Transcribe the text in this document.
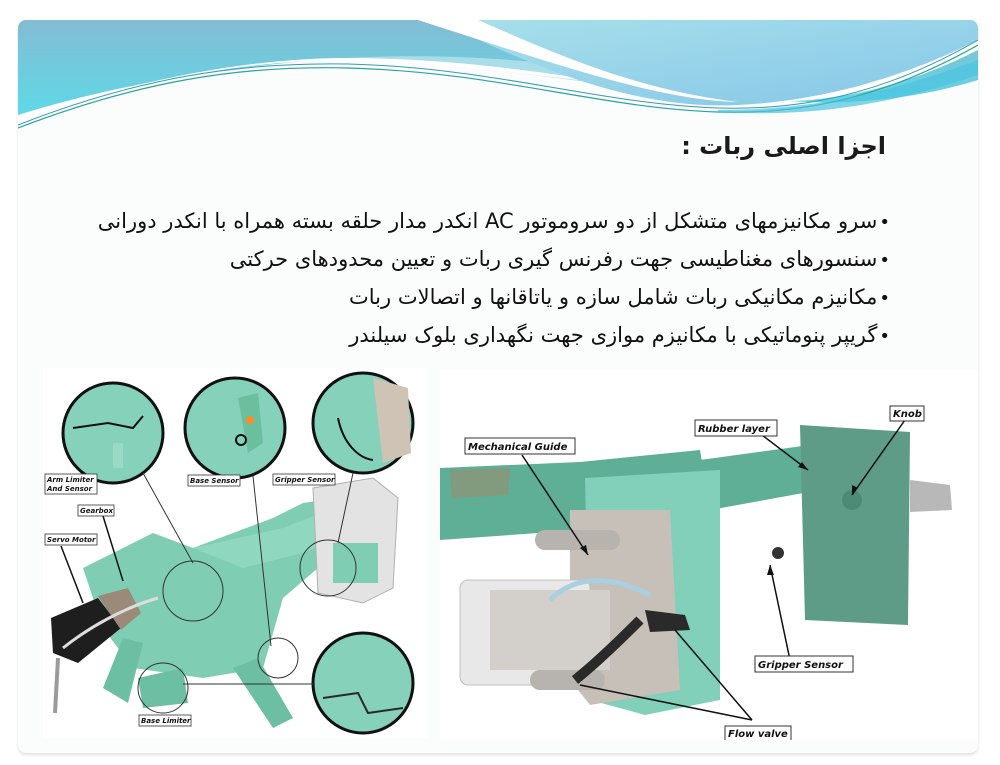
اجزا اصلی ربات :
•سرو مکانیزمهای متشکل از دو سروموتور AC انکدر مدار حلقه بسته همراه با انکدر دورانی
•سنسورهای مغناطیسی جهت رفرنس گیری ربات و تعیین محدودهای حرکتی
•مکانیزم مکانیکی ربات شامل سازه و یاتاقانها و اتصالات ربات
•گریپر پنوماتیکی با مکانیزم موازی جهت نگهداری بلوک سیلندر
Arm Limiter
And Sensor
Base Sensor	Gripper Sensor
Gearbox
Servo Motor
Base Limiter
Mechanical Guide
Rubber layer
Knob
Gripper Sensor
Flow valve
